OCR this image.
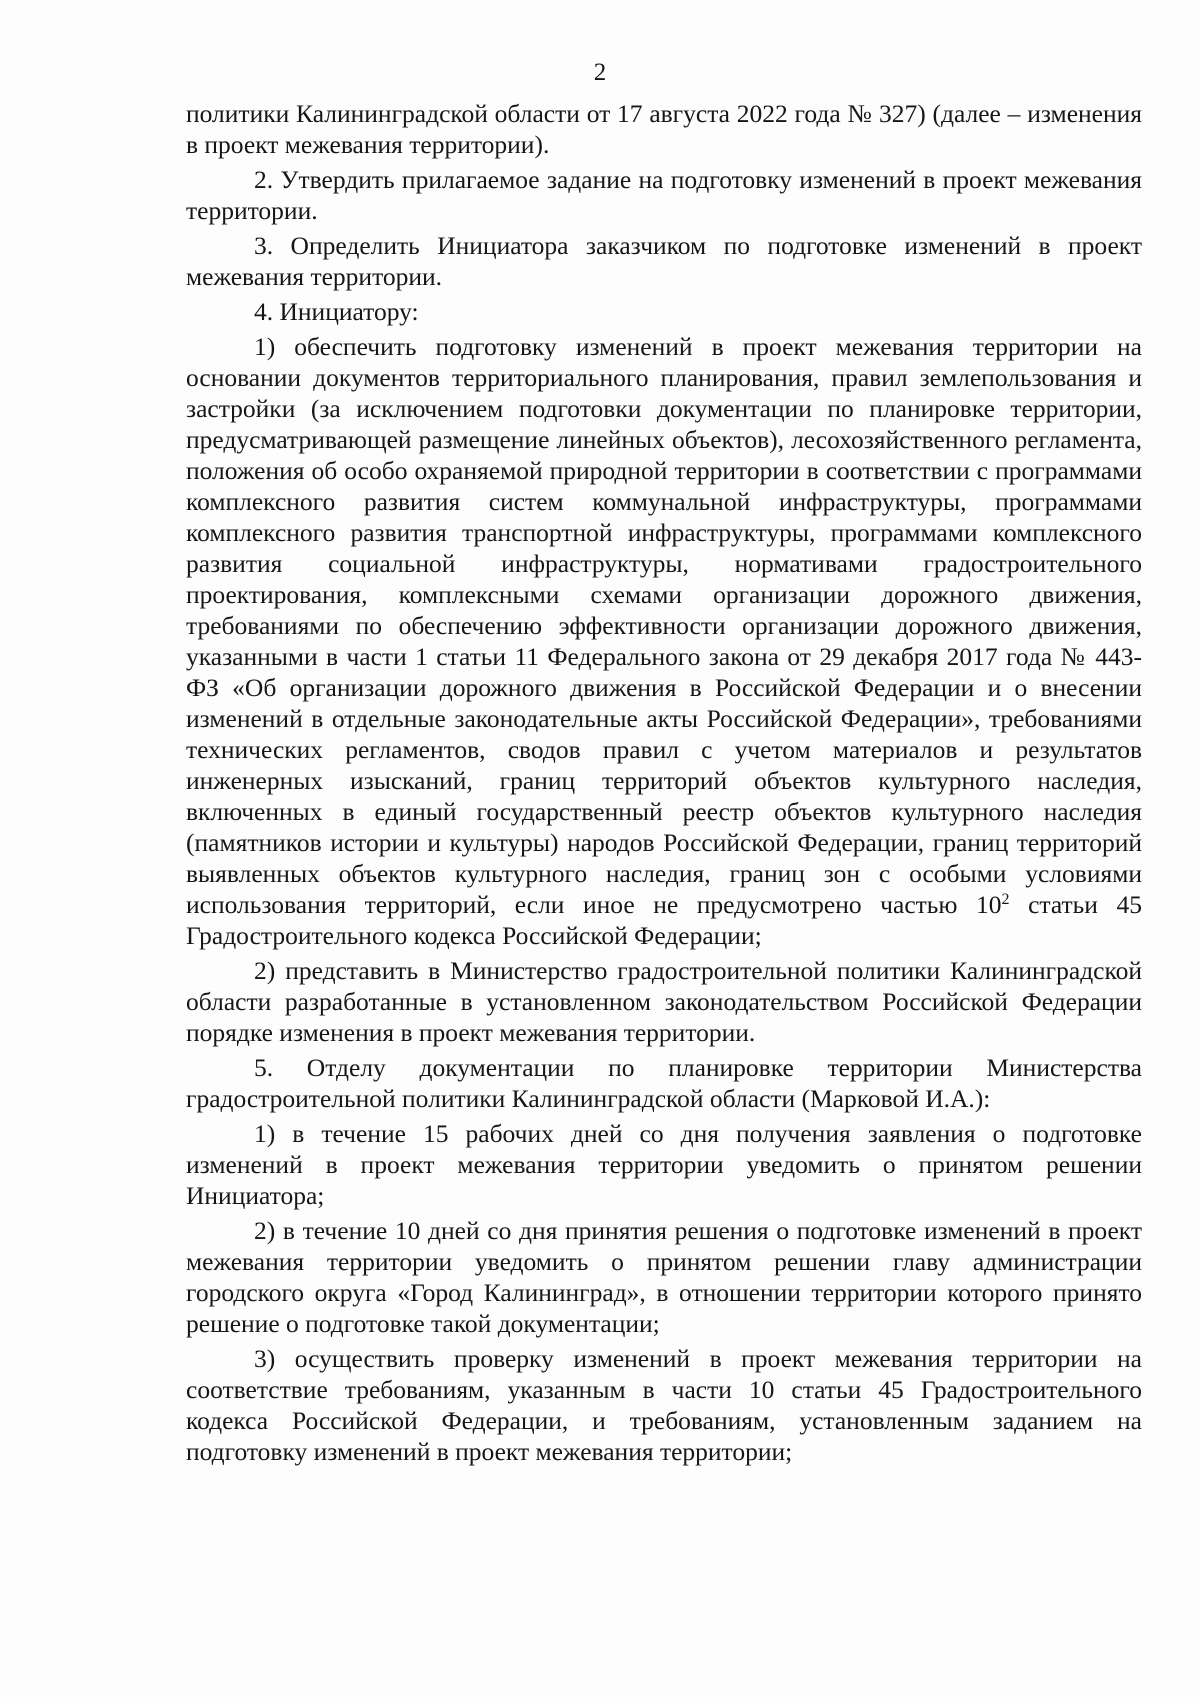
2

политики Калининградской области от 17 августа 2022 года № 327) (далее – изменения в проект межевания территории).

2. Утвердить прилагаемое задание на подготовку изменений в проект межевания территории.

3. Определить Инициатора заказчиком по подготовке изменений в проект межевания территории.

4. Инициатору:

1) обеспечить подготовку изменений в проект межевания территории на основании документов территориального планирования, правил землепользования и застройки (за исключением подготовки документации по планировке территории, предусматривающей размещение линейных объектов), лесохозяйственного регламента, положения об особо охраняемой природной территории в соответствии с программами комплексного развития систем коммунальной инфраструктуры, программами комплексного развития транспортной инфраструктуры, программами комплексного развития социальной инфраструктуры, нормативами градостроительного проектирования, комплексными схемами организации дорожного движения, требованиями по обеспечению эффективности организации дорожного движения, указанными в части 1 статьи 11 Федерального закона от 29 декабря 2017 года № 443-ФЗ «Об организации дорожного движения в Российской Федерации и о внесении изменений в отдельные законодательные акты Российской Федерации», требованиями технических регламентов, сводов правил с учетом материалов и результатов инженерных изысканий, границ территорий объектов культурного наследия, включенных в единый государственный реестр объектов культурного наследия (памятников истории и культуры) народов Российской Федерации, границ территорий выявленных объектов культурного наследия, границ зон с особыми условиями использования территорий, если иное не предусмотрено частью $10^2$ статьи 45 Градостроительного кодекса Российской Федерации;

2) представить в Министерство градостроительной политики Калининградской области разработанные в установленном законодательством Российской Федерации порядке изменения в проект межевания территории.

5. Отделу документации по планировке территории Министерства градостроительной политики Калининградской области (Марковой И.А.):

1) в течение 15 рабочих дней со дня получения заявления о подготовке изменений в проект межевания территории уведомить о принятом решении Инициатора;

2) в течение 10 дней со дня принятия решения о подготовке изменений в проект межевания территории уведомить о принятом решении главу администрации городского округа «Город Калининград», в отношении территории которого принято решение о подготовке такой документации;

3) осуществить проверку изменений в проект межевания территории на соответствие требованиям, указанным в части 10 статьи 45 Градостроительного кодекса Российской Федерации, и требованиям, установленным заданием на подготовку изменений в проект межевания территории;
